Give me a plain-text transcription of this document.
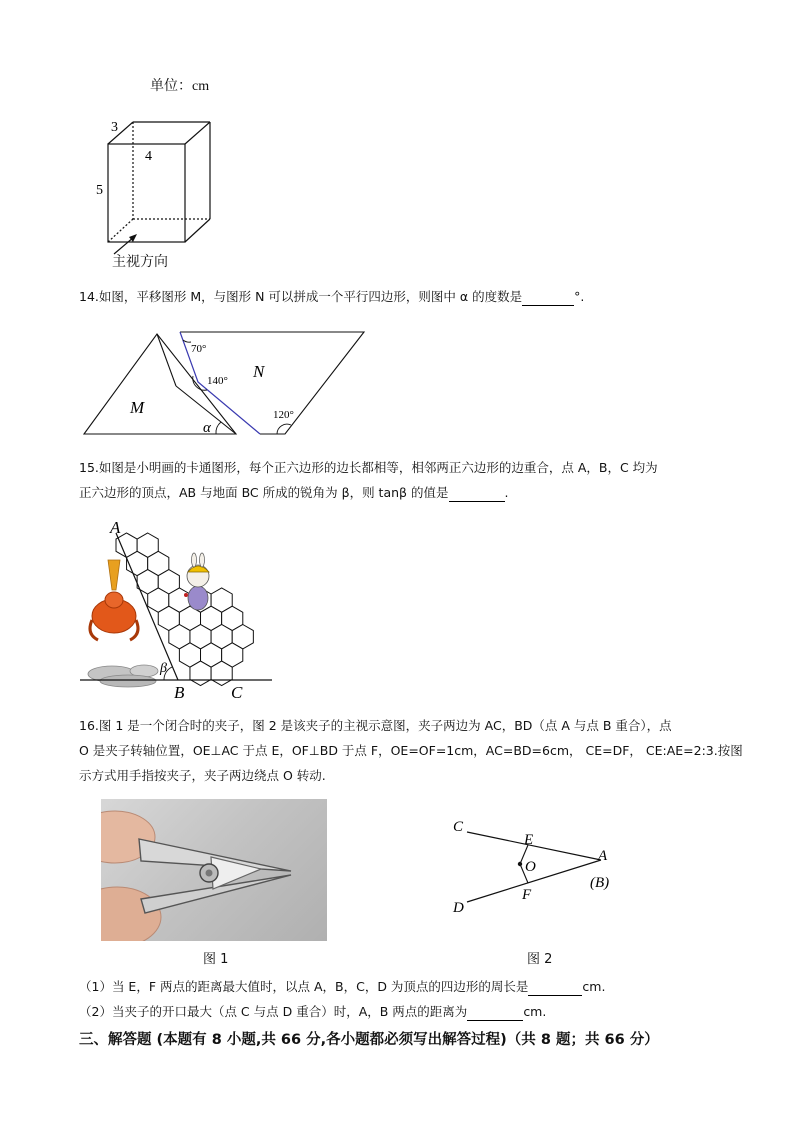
单位：cm
3
4
5
主视方向
14.如图，平移图形 M，与图形 N 可以拼成一个平行四边形，则图中 α 的度数是	°.
M
N
α
70°
140°
120°
15.如图是小明画的卡通图形，每个正六边形的边长都相等，相邻两正六边形的边重合，点 A，B，C 均为
正六边形的顶点，AB 与地面 BC 所成的锐角为 β，则 tanβ 的值是	.
A
B	C
β
16.图 1 是一个闭合时的夹子，图 2 是该夹子的主视示意图，夹子两边为 AC，BD（点 A 与点 B 重合），点
O 是夹子转轴位置，OE⊥AC 于点 E，OF⊥BD 于点 F，OE=OF=1cm，AC=BD=6cm， CE=DF， CE:AE=2:3.按图
示方式用手指按夹子，夹子两边绕点 O 转动.
图 1
C
E
O
A
(B)
F
D
图 2
（1）当 E，F 两点的距离最大值时，以点 A，B，C，D 为顶点的四边形的周长是	cm.
（2）当夹子的开口最大（点 C 与点 D 重合）时，A，B 两点的距离为	cm.
三、解答题 (本题有 8 小题,共 66 分,各小题都必须写出解答过程)（共 8 题；共 66 分）
